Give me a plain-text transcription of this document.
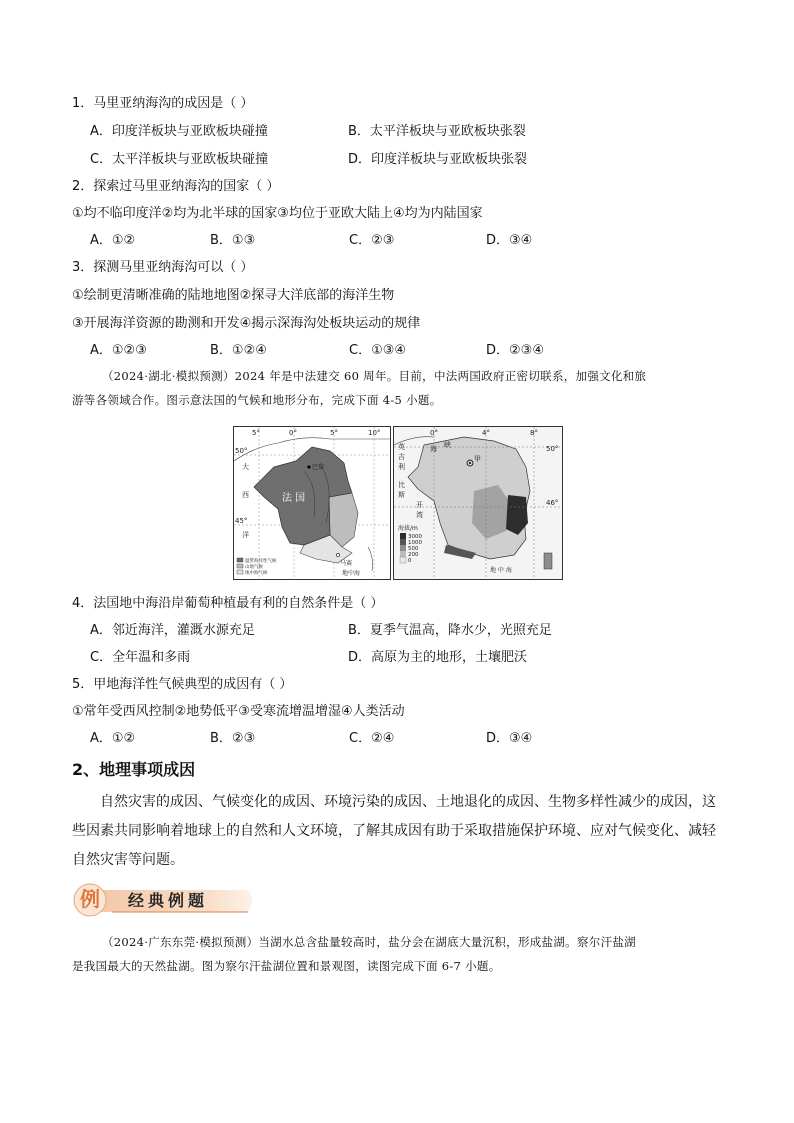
1．马里亚纳海沟的成因是（ ）
A．印度洋板块与亚欧板块碰撞	B．太平洋板块与亚欧板块张裂
C．太平洋板块与亚欧板块碰撞	D．印度洋板块与亚欧板块张裂
2．探索过马里亚纳海沟的国家（ ）
①均不临印度洋②均为北半球的国家③均位于亚欧大陆上④均为内陆国家
A．①②	B．①③	C．②③	D．③④
3．探测马里亚纳海沟可以（ ）
①绘制更清晰准确的陆地地图②探寻大洋底部的海洋生物
③开展海洋资源的勘测和开发④揭示深海沟处板块运动的规律
A．①②③	B．①②④	C．①③④	D．②③④
（2024·湖北·模拟预测）2024 年是中法建交 60 周年。目前，中法两国政府正密切联系，加强文化和旅
游等各领域合作。图示意法国的气候和地形分布，完成下面 4-5 小题。
5°	0°	5°	10°
50°
45°
大
西
洋
法 国
巴黎
马赛
地中海
温带海洋性气候
山地气候
地中海气候
0°	4°	8°
50°
46°
甲
英
吉
利
海 峡
比
斯
开
湾
地 中 海
海拔/m
3000
1000
500
200
0
4．法国地中海沿岸葡萄种植最有利的自然条件是（ ）
A．邻近海洋，灌溉水源充足	B．夏季气温高，降水少，光照充足
C．全年温和多雨	D．高原为主的地形，土壤肥沃
5．甲地海洋性气候典型的成因有（ ）
①常年受西风控制②地势低平③受寒流增温增湿④人类活动
A．①②	B．②③	C．②④	D．③④
2、地理事项成因
自然灾害的成因、气候变化的成因、环境污染的成因、土地退化的成因、生物多样性减少的成因，这些因素共同影响着地球上的自然和人文环境，了解其成因有助于采取措施保护环境、应对气候变化、减轻自然灾害等问题。
例 经典例题
（2024·广东东莞·模拟预测）当湖水总含盐量较高时，盐分会在湖底大量沉积，形成盐湖。察尔汗盐湖
是我国最大的天然盐湖。图为察尔汗盐湖位置和景观图，读图完成下面 6-7 小题。
